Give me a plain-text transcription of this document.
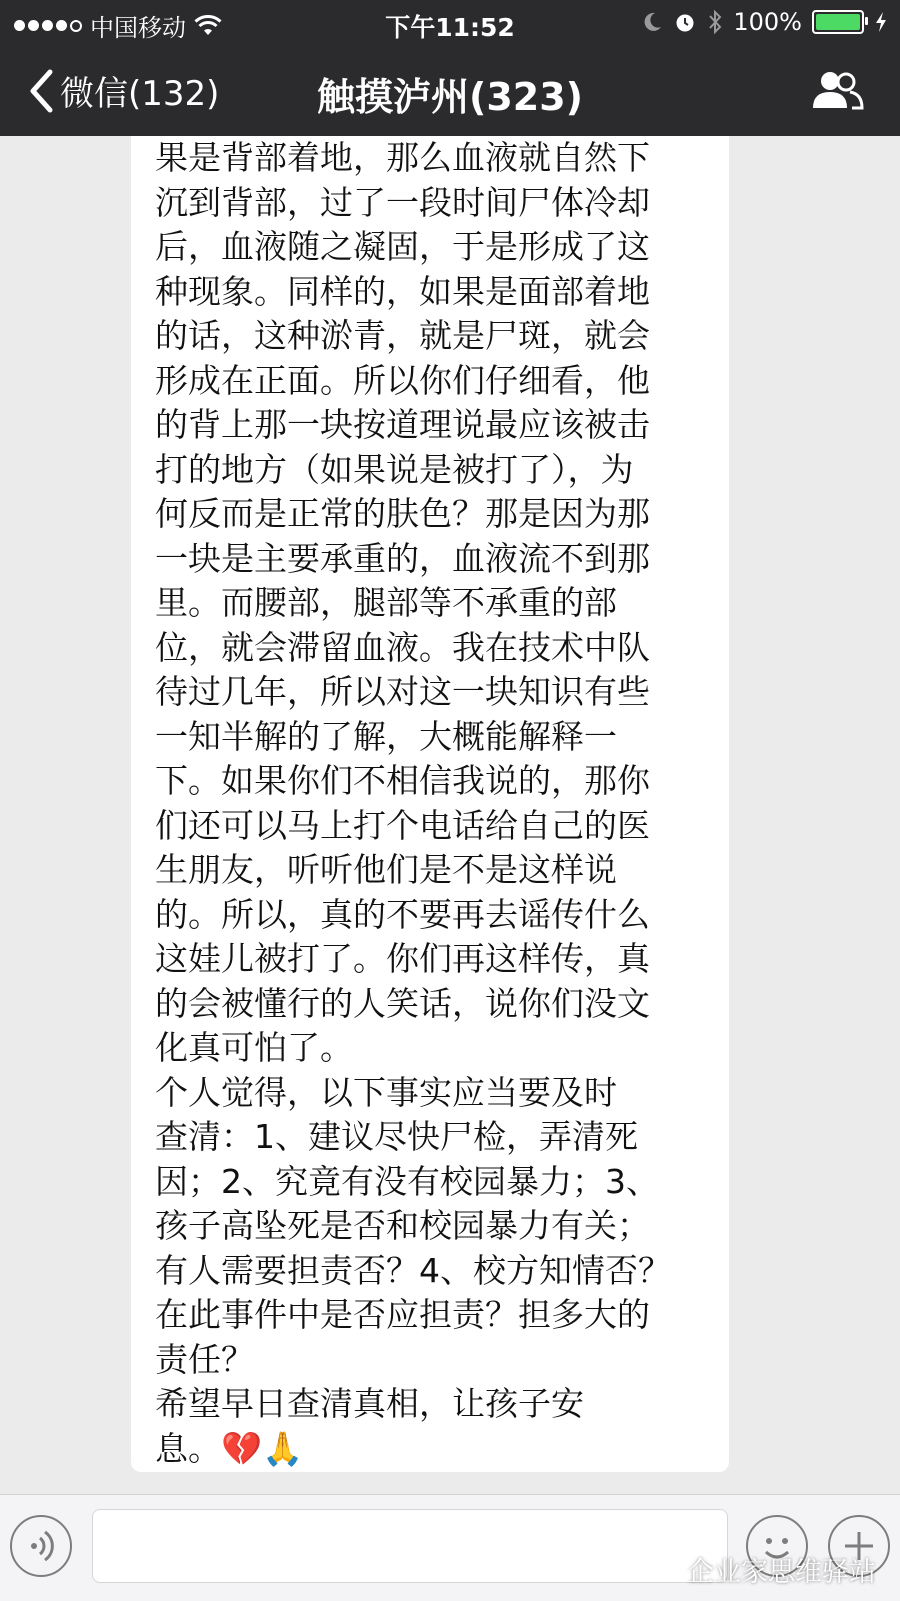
中国移动	下午11:52	100%
微信(132)	触摸泸州(323)
果是背部着地，那么血液就自然下
沉到背部，过了一段时间尸体冷却
后，血液随之凝固，于是形成了这
种现象。同样的，如果是面部着地
的话，这种淤青，就是尸斑，就会
形成在正面。所以你们仔细看，他
的背上那一块按道理说最应该被击
打的地方（如果说是被打了），为
何反而是正常的肤色？那是因为那
一块是主要承重的，血液流不到那
里。而腰部，腿部等不承重的部
位，就会滞留血液。我在技术中队
待过几年，所以对这一块知识有些
一知半解的了解，大概能解释一
下。如果你们不相信我说的，那你
们还可以马上打个电话给自己的医
生朋友，听听他们是不是这样说
的。所以，真的不要再去谣传什么
这娃儿被打了。你们再这样传，真
的会被懂行的人笑话，说你们没文
化真可怕了。
个人觉得，以下事实应当要及时
查清：1、建议尽快尸检，弄清死
因；2、究竟有没有校园暴力；3、
孩子高坠死是否和校园暴力有关；
有人需要担责否？4、校方知情否？
在此事件中是否应担责？担多大的
责任？
希望早日查清真相，让孩子安
息。💔🙏
企业家思维驿站
